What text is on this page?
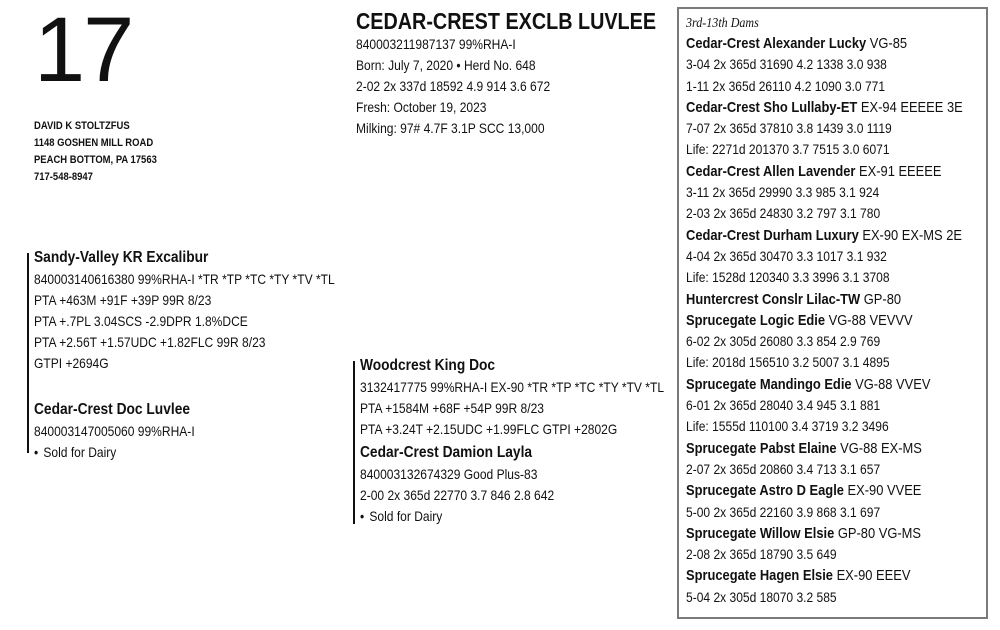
17
DAVID K STOLTZFUS
1148 GOSHEN MILL ROAD
PEACH BOTTOM, PA 17563
717-548-8947
CEDAR-CREST EXCLB LUVLEE
840003211987137 99%RHA-I
Born: July 7, 2020 • Herd No. 648
2-02 2x 337d 18592 4.9 914 3.6 672
Fresh: October 19, 2023
Milking: 97# 4.7F 3.1P SCC 13,000
Sandy-Valley KR Excalibur
840003140616380 99%RHA-I *TR *TP *TC *TY *TV *TL
PTA +463M +91F +39P 99R 8/23
PTA +.7PL 3.04SCS -2.9DPR 1.8%DCE
PTA +2.56T +1.57UDC +1.82FLC 99R 8/23
GTPI +2694G
Cedar-Crest Doc Luvlee
840003147005060 99%RHA-I
• Sold for Dairy
Woodcrest King Doc
3132417775 99%RHA-I EX-90 *TR *TP *TC *TY *TV *TL
PTA +1584M +68F +54P 99R 8/23
PTA +3.24T +2.15UDC +1.99FLC GTPI +2802G
Cedar-Crest Damion Layla
840003132674329 Good Plus-83
2-00 2x 365d 22770 3.7 846 2.8 642
• Sold for Dairy
3rd-13th Dams
Cedar-Crest Alexander Lucky VG-85
3-04 2x 365d 31690 4.2 1338 3.0 938
1-11 2x 365d 26110 4.2 1090 3.0 771
Cedar-Crest Sho Lullaby-ET EX-94 EEEEE 3E
7-07 2x 365d 37810 3.8 1439 3.0 1119
Life: 2271d 201370 3.7 7515 3.0 6071
Cedar-Crest Allen Lavender EX-91 EEEEE
3-11 2x 365d 29990 3.3 985 3.1 924
2-03 2x 365d 24830 3.2 797 3.1 780
Cedar-Crest Durham Luxury EX-90 EX-MS 2E
4-04 2x 365d 30470 3.3 1017 3.1 932
Life: 1528d 120340 3.3 3996 3.1 3708
Huntercrest Conslr Lilac-TW GP-80
Sprucegate Logic Edie VG-88 VEVVV
6-02 2x 305d 26080 3.3 854 2.9 769
Life: 2018d 156510 3.2 5007 3.1 4895
Sprucegate Mandingo Edie VG-88 VVEV
6-01 2x 365d 28040 3.4 945 3.1 881
Life: 1555d 110100 3.4 3719 3.2 3496
Sprucegate Pabst Elaine VG-88 EX-MS
2-07 2x 365d 20860 3.4 713 3.1 657
Sprucegate Astro D Eagle EX-90 VVEE
5-00 2x 365d 22160 3.9 868 3.1 697
Sprucegate Willow Elsie GP-80 VG-MS
2-08 2x 365d 18790 3.5 649
Sprucegate Hagen Elsie EX-90 EEEV
5-04 2x 305d 18070 3.2 585
